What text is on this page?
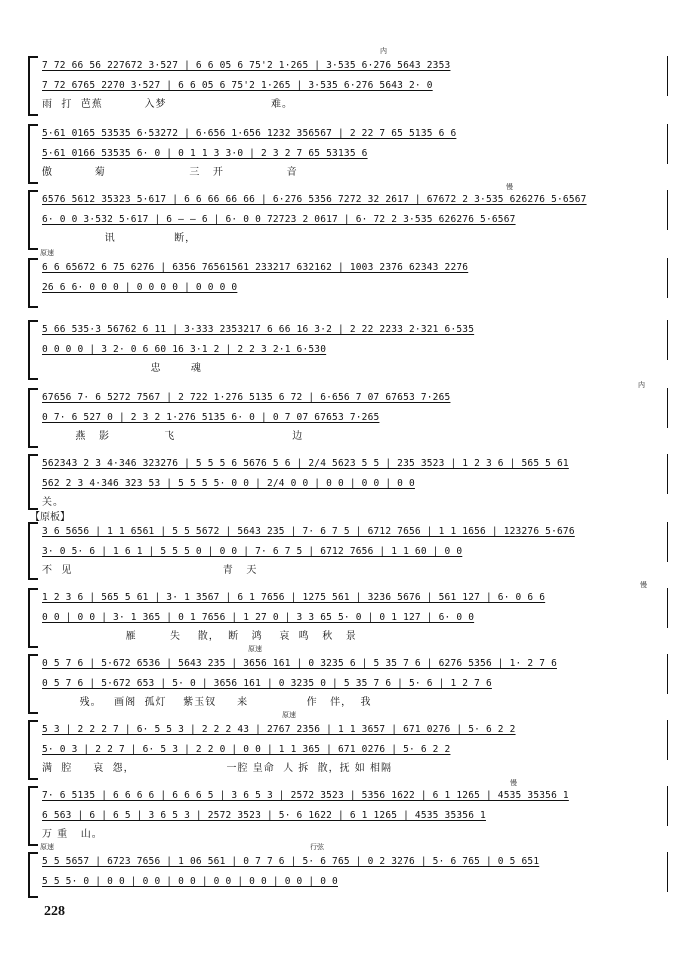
7 72 66 56 227672 3·527 | 6 6 05 6 75'2 1·265 | 3·535 6·276 5643 2353
7 72 6765 2270 3·527 | 6 6 05 6 75'2 1·265 | 3·535 6·276 5643 2· 0
雨  打  芭蕉          入梦                         难。
内
5·61 0165 53535 6·53272 | 6·656 1·656 1232 356567 | 2 22 7 65 5135 6 6
5·61 0166 53535 6· 0 | 0 1 1 3 3·0 | 2 3 2 7 65 53135 6
傲          菊                    三   开               音
6576 5612 35323 5·617 | 6 6 66 66 66 | 6·276 5356 7272 32 2617 | 67672 2 3·535 626276 5·6567
6· 0 0 3·532 5·617 | 6 — — 6 | 6· 0 0 72723 2 0617 | 6· 72 2 3·535 626276 5·6567
讯              断，
慢
6 6 65672 6 75 6276 | 6356 76561561 233217 632162 | 1003 2376 62343 2276
26 6 6· 0 0 0 | 0 0 0 0 | 0 0 0 0
原速
5 66 535·3 56762 6 11 | 3·333 2353217 6 66 16 3·2 | 2 22 2233 2·321 6·535
0 0 0 0 | 3 2· 0 6 60 16 3·1 2 | 2 2 3 2·1 6·530
忠       魂
67656 7· 6 5272 7567 | 2 722 1·276 5135 6 72 | 6·656 7 07 67653 7·265
0 7· 6 527 0 | 2 3 2 1·276 5135 6· 0 | 0 7 07 67653 7·265
燕   影             飞                            边
内
562343 2 3 4·346 323276 | 5 5 5 6 5676 5 6 | 2/4 5623 5 5 | 235 3523 | 1 2 3 6 | 565 5 61
562 2 3 4·346 323 53 | 5 5 5 5· 0 0 | 2/4 0 0 | 0 0 | 0 0 | 0 0
关。
【原板】
3 6 5656 | 1 1 6561 | 5 5 5672 | 5643 235 | 7· 6 7 5 | 6712 7656 | 1 1 1656 | 123276 5·676
3· 0 5· 6 | 1 6 1 | 5 5 5 0 | 0 0 | 7· 6 7 5 | 6712 7656 | 1 1 60 | 0 0
不  见                                    青   天
1 2 3 6 | 565 5 61 | 3· 1 3567 | 6 1 7656 | 1275 561 | 3236 5676 | 561 127 | 6· 0 6 6
0 0 | 0 0 | 3· 1 365 | 0 1 7656 | 1 27 0 | 3 3 65 5· 0 | 0 1 127 | 6· 0 0
雁        失    散，  断   鸿    哀  鸣   秋   景
慢
0 5 7 6 | 5·672 6536 | 5643 235 | 3656 161 | 0 3235 6 | 5 35 7 6 | 6276 5356 | 1· 2 7 6
0 5 7 6 | 5·672 653 | 5· 0 | 3656 161 | 0 3235 0 | 5 35 7 6 | 5· 6 | 1 2 7 6
残。   画阁  孤灯    紫玉钗     来              作   伴，  我
原速
5 3 | 2 2 2 7 | 6· 5 5 3 | 2 2 2 43 | 2767 2356 | 1 1 3657 | 671 0276 | 5· 6 2 2
5· 0 3 | 2 2 7 | 6· 5 3 | 2 2 0 | 0 0 | 1 1 365 | 671 0276 | 5· 6 2 2
满  腔     哀  怨，                      一腔 皇命  人 拆  散，抚 如 相隔
原速
7· 6 5135 | 6 6 6 6 | 6 6 6 5 | 3 6 5 3 | 2572 3523 | 5356 1622 | 6 1 1265 | 4535 35356 1
6 563 | 6 | 6 5 | 3 6 5 3 | 2572 3523 | 5· 6 1622 | 6 1 1265 | 4535 35356 1
万 重   山。
慢
5 5 5657 | 6723 7656 | 1 06 561 | 0 7 7 6 | 5· 6 765 | 0 2 3276 | 5· 6 765 | 0 5 651
5 5 5· 0 | 0 0 | 0 0 | 0 0 | 0 0 | 0 0 | 0 0 | 0 0
原速	行弦
228
